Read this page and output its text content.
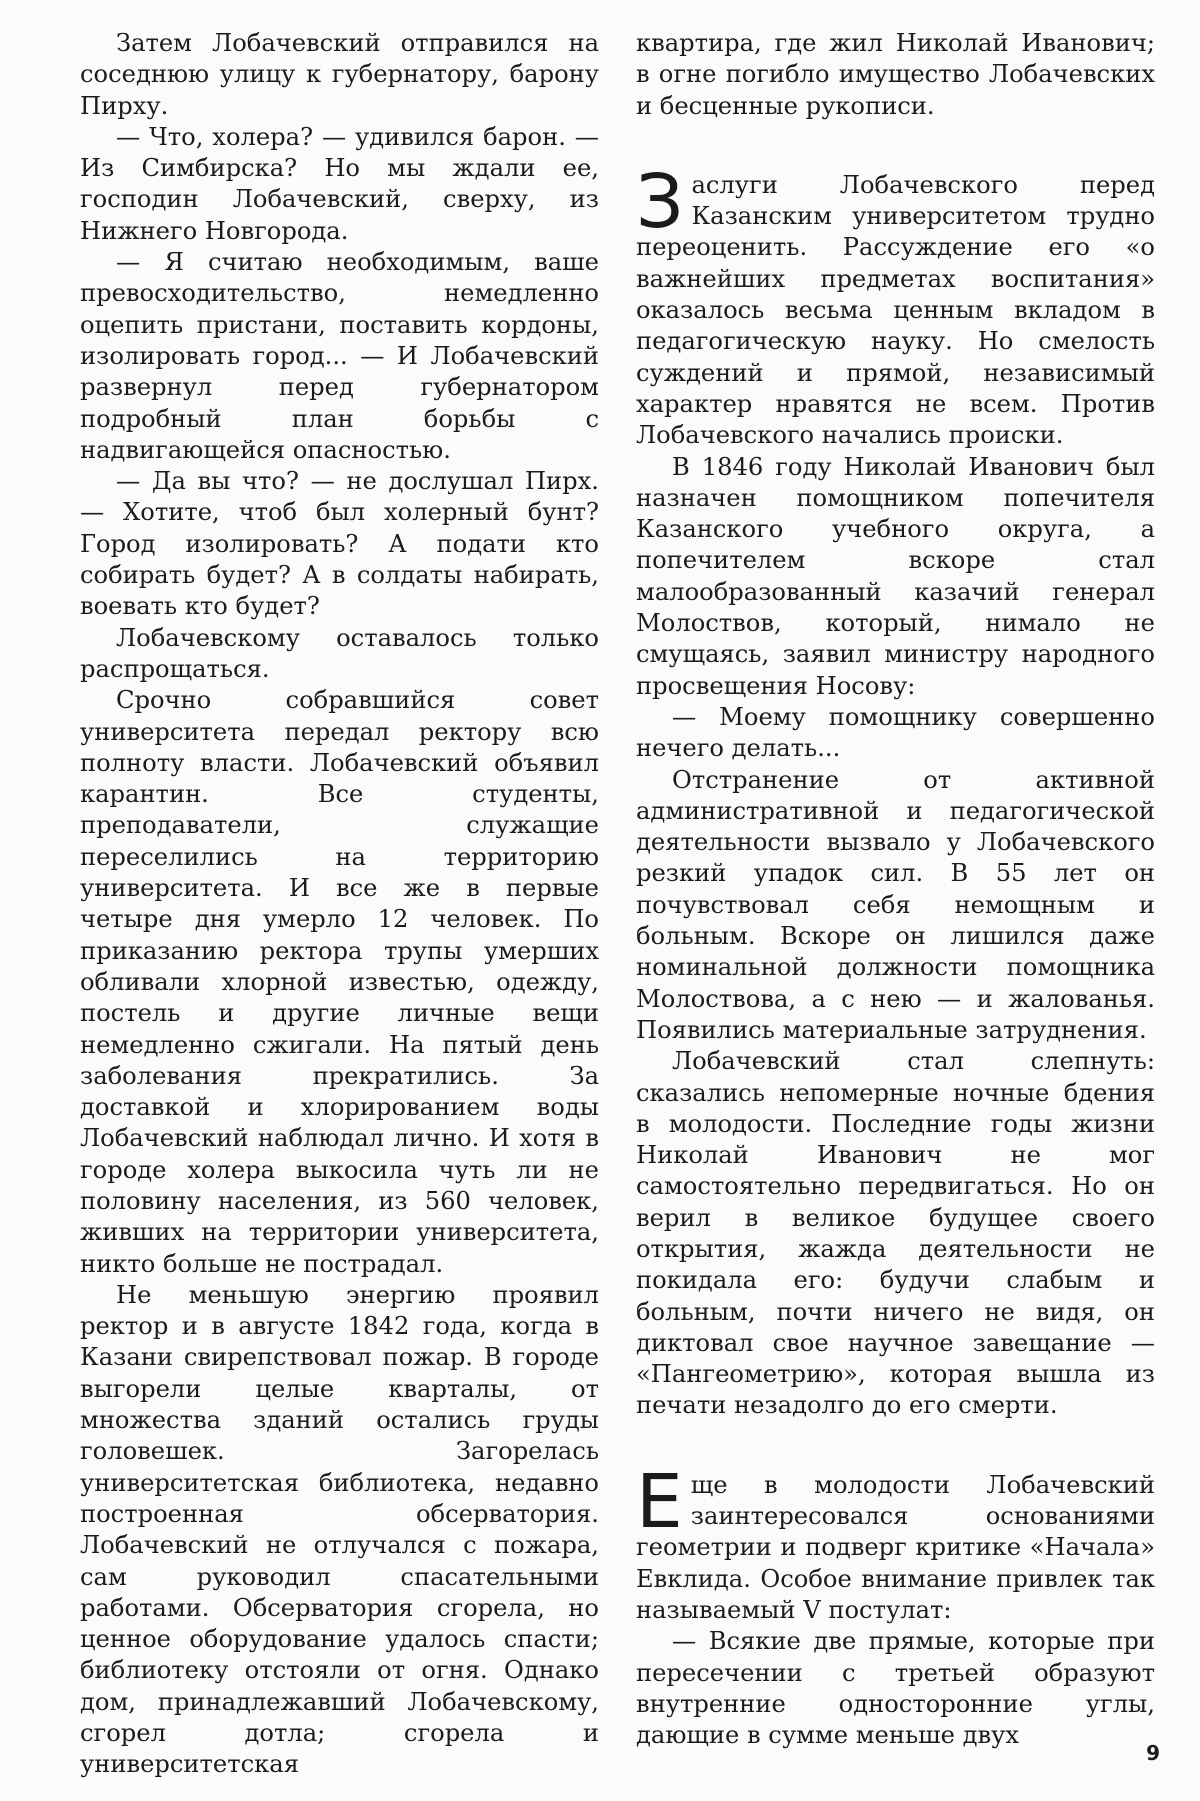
Затем Лобачевский отправился на соседнюю улицу к губернатору, барону Пирху.

— Что, холера? — удивился барон. — Из Симбирска? Но мы ждали ее, господин Лобачевский, сверху, из Нижнего Новгорода.

— Я считаю необходимым, ваше превосходительство, немедленно оцепить пристани, поставить кордоны, изолировать город... — И Лобачевский развернул перед губернатором подробный план борьбы с надвигающейся опасностью.

— Да вы что? — не дослушал Пирх. — Хотите, чтоб был холерный бунт? Город изолировать? А подати кто собирать будет? А в солдаты набирать, воевать кто будет?

Лобачевскому оставалось только распрощаться.

Срочно собравшийся совет университета передал ректору всю полноту власти. Лобачевский объявил карантин. Все студенты, преподаватели, служащие переселились на территорию университета. И все же в первые четыре дня умерло 12 человек. По приказанию ректора трупы умерших обливали хлорной известью, одежду, постель и другие личные вещи немедленно сжигали. На пятый день заболевания прекратились. За доставкой и хлорированием воды Лобачевский наблюдал лично. И хотя в городе холера выкосила чуть ли не половину населения, из 560 человек, живших на территории университета, никто больше не пострадал.

Не меньшую энергию проявил ректор и в августе 1842 года, когда в Казани свирепствовал пожар. В городе выгорели целые кварталы, от множества зданий остались груды головешек. Загорелась университетская библиотека, недавно построенная обсерватория. Лобачевский не отлучался с пожара, сам руководил спасательными работами. Обсерватория сгорела, но ценное оборудование удалось спасти; библиотеку отстояли от огня. Однако дом, принадлежавший Лобачевскому, сгорел дотла; сгорела и университетская

квартира, где жил Николай Иванович; в огне погибло имущество Лобачевских и бесценные рукописи.

Заслуги Лобачевского перед Казанским университетом трудно переоценить. Рассуждение его «о важнейших предметах воспитания» оказалось весьма ценным вкладом в педагогическую науку. Но смелость суждений и прямой, независимый характер нравятся не всем. Против Лобачевского начались происки.

В 1846 году Николай Иванович был назначен помощником попечителя Казанского учебного округа, а попечителем вскоре стал малообразованный казачий генерал Молоствов, который, нимало не смущаясь, заявил министру народного просвещения Носову:

— Моему помощнику совершенно нечего делать...

Отстранение от активной административной и педагогической деятельности вызвало у Лобачевского резкий упадок сил. В 55 лет он почувствовал себя немощным и больным. Вскоре он лишился даже номинальной должности помощника Молоствова, а с нею — и жалованья. Появились материальные затруднения.

Лобачевский стал слепнуть: сказались непомерные ночные бдения в молодости. Последние годы жизни Николай Иванович не мог самостоятельно передвигаться. Но он верил в великое будущее своего открытия, жажда деятельности не покидала его: будучи слабым и больным, почти ничего не видя, он диктовал свое научное завещание — «Пангеометрию», которая вышла из печати незадолго до его смерти.

Еще в молодости Лобачевский заинтересовался основаниями геометрии и подверг критике «Начала» Евклида. Особое внимание привлек так называемый V постулат:

— Всякие две прямые, которые при пересечении с третьей образуют внутренние односторонние углы, дающие в сумме меньше двух

9
